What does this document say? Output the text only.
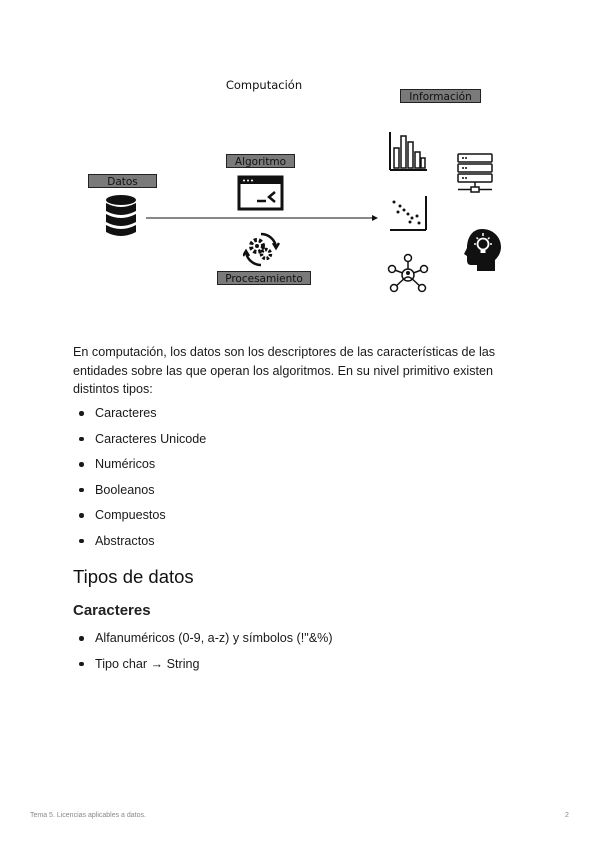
Computación
Datos
Algoritmo
Procesamiento
Información

En computación, los datos son los descriptores de las características de las entidades sobre las que operan los algoritmos. En su nivel primitivo existen distintos tipos:

Caracteres
Caracteres Unicode
Numéricos
Booleanos
Compuestos
Abstractos
Tipos de datos
Caracteres
Alfanuméricos (0-9, a-z) y símbolos (!"&%)
Tipo char → String
Tema 5. Licencias aplicables a datos.	2
